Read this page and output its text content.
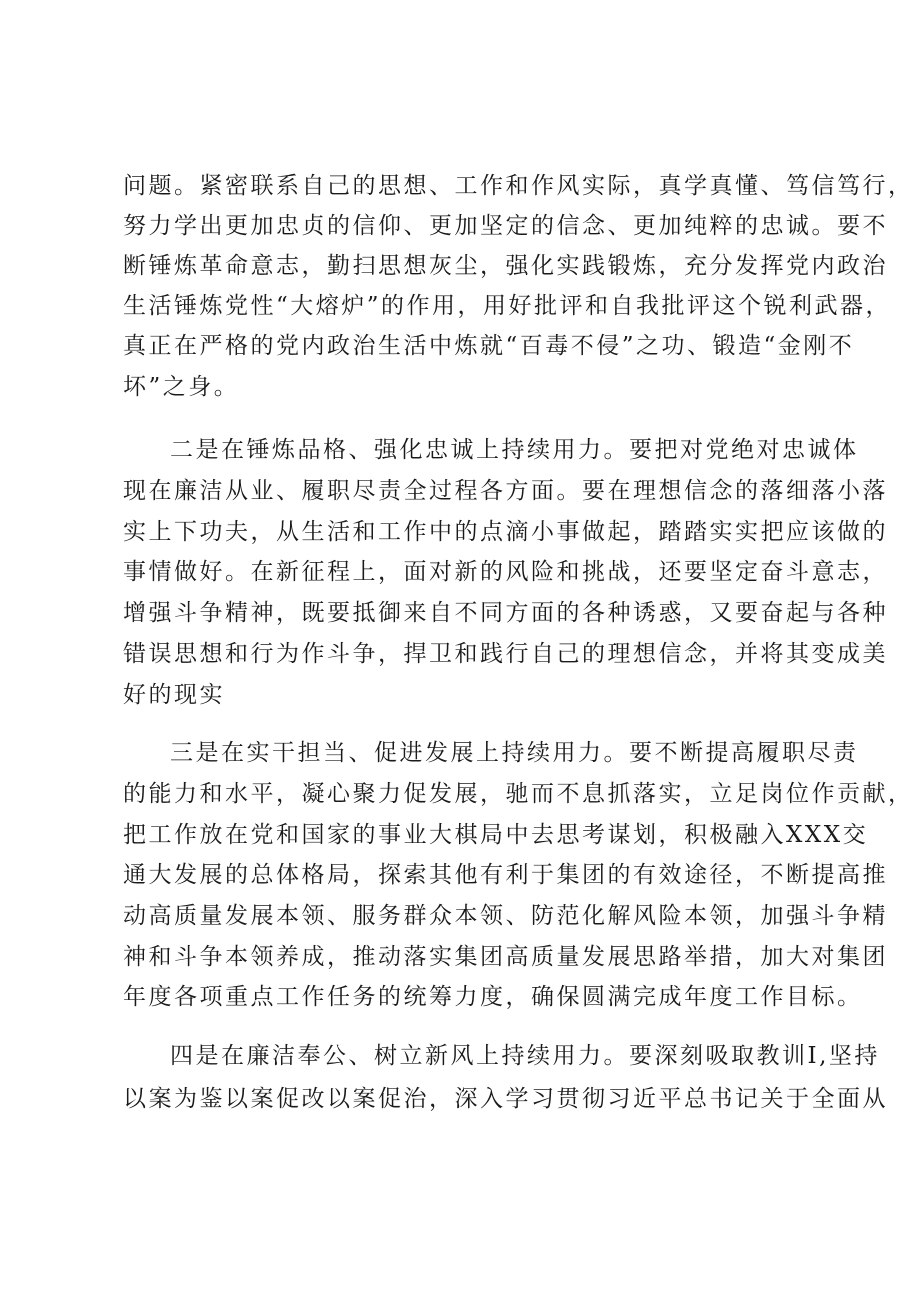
问题。紧密联系自己的思想、工作和作风实际，真学真懂、笃信笃行，
努力学出更加忠贞的信仰、更加坚定的信念、更加纯粹的忠诚。要不
断锤炼革命意志，勤扫思想灰尘，强化实践锻炼，充分发挥党内政治
生活锤炼党性“大熔炉”的作用，用好批评和自我批评这个锐利武器，
真正在严格的党内政治生活中炼就“百毒不侵”之功、锻造“金刚不
坏”之身。
二是在锤炼品格、强化忠诚上持续用力。要把对党绝对忠诚体
现在廉洁从业、履职尽责全过程各方面。要在理想信念的落细落小落
实上下功夫，从生活和工作中的点滴小事做起，踏踏实实把应该做的
事情做好。在新征程上，面对新的风险和挑战，还要坚定奋斗意志，
增强斗争精神，既要抵御来自不同方面的各种诱惑，又要奋起与各种
错误思想和行为作斗争，捍卫和践行自己的理想信念，并将其变成美
好的现实
三是在实干担当、促进发展上持续用力。要不断提高履职尽责
的能力和水平，凝心聚力促发展，驰而不息抓落实，立足岗位作贡献，
把工作放在党和国家的事业大棋局中去思考谋划，积极融入XXX交
通大发展的总体格局，探索其他有利于集团的有效途径，不断提高推
动高质量发展本领、服务群众本领、防范化解风险本领，加强斗争精
神和斗争本领养成，推动落实集团高质量发展思路举措，加大对集团
年度各项重点工作任务的统筹力度，确保圆满完成年度工作目标。
四是在廉洁奉公、树立新风上持续用力。要深刻吸取教训I,坚持
以案为鉴以案促改以案促治，深入学习贯彻习近平总书记关于全面从
